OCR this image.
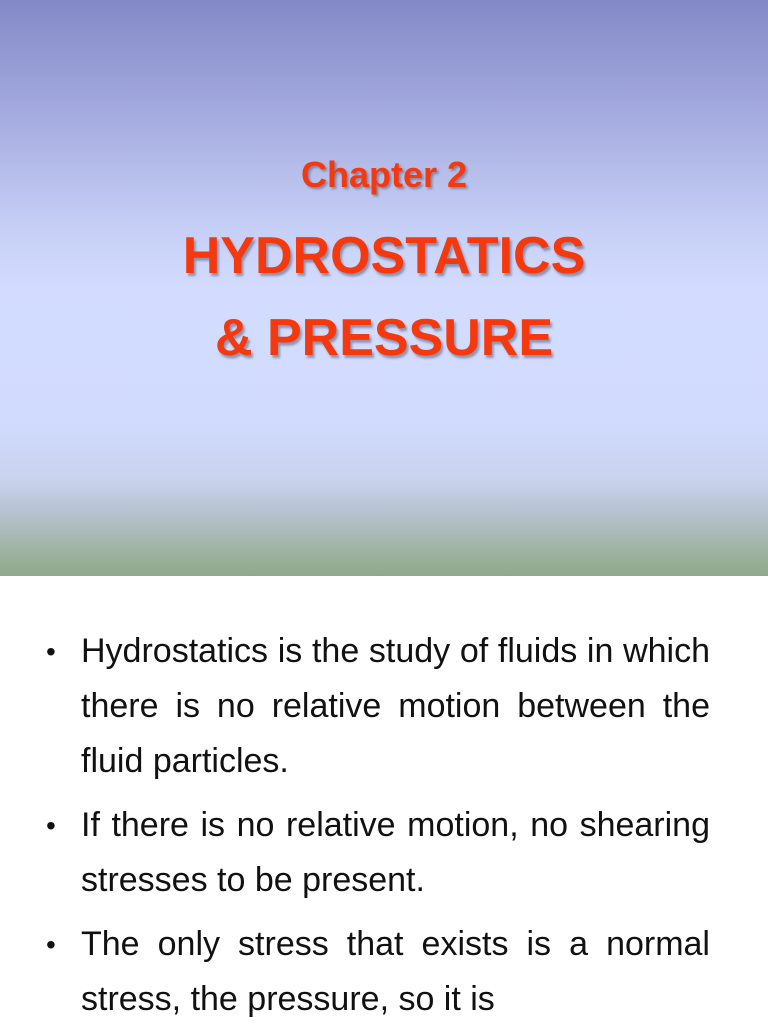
Chapter 2
HYDROSTATICS
& PRESSURE
• Hydrostatics is the study of fluids in which there is no relative motion between the fluid particles.
• If there is no relative motion, no shearing stresses to be present.
• The only stress that exists is a normal stress, the pressure, so it is
